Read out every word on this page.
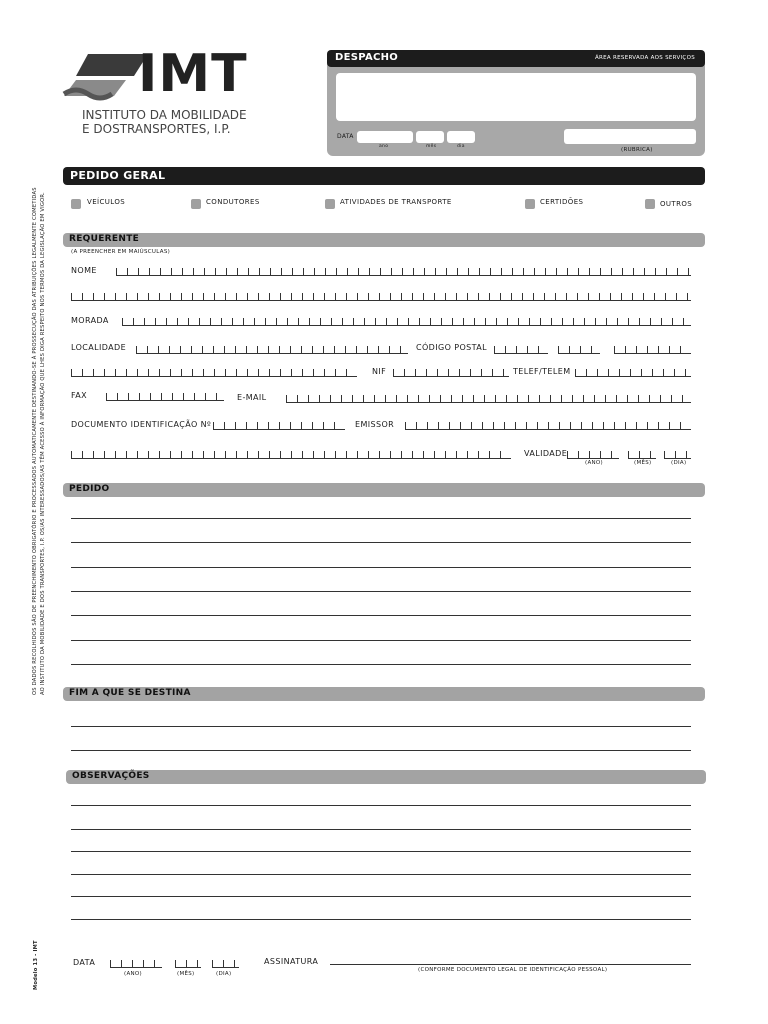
OS DADOS RECOLHIDOS SÃO DE PREENCHIMENTO OBRIGATÓRIO E PROCESSADOS AUTOMATICAMENTE DESTINANDO-SE À PROSSECUÇÃO DAS ATRIBUIÇÕES LEGALMENTE COMETIDAS AO INSTITUTO DA MOBILIDADE E DOS TRANSPORTES, I.P. OS/AS INTERESSADOS/AS TÊM ACESSO À INFORMAÇÃO QUE LHES DIGA RESPEITO NOS TERMOS DA LEGISLAÇÃO EM VIGOR.
Modelo 13 - IMT
IMT
INSTITUTO DA MOBILIDADE
E DOSTRANSPORTES, I.P.
DESPACHO	ÁREA RESERVADA AOS SERVIÇOS
DATA
ano	mês	dia
(RUBRICA)
PEDIDO GERAL
VEÍCULOS	CONDUTORES	ATIVIDADES DE TRANSPORTE	CERTIDÕES	OUTROS
REQUERENTE
(A PREENCHER EM MAIÚSCULAS)
NOME
MORADA
LOCALIDADE	CÓDIGO POSTAL
NIF	TELEF/TELEM
FAX	E-MAIL
DOCUMENTO IDENTIFICAÇÃO Nº	EMISSOR
VALIDADE
(ANO)	(MÊS)	(DIA)
PEDIDO
FIM A QUE SE DESTINA
OBSERVAÇÕES
DATA
(ANO)	(MÊS)	(DIA)
ASSINATURA
(CONFORME DOCUMENTO LEGAL DE IDENTIFICAÇÃO PESSOAL)
